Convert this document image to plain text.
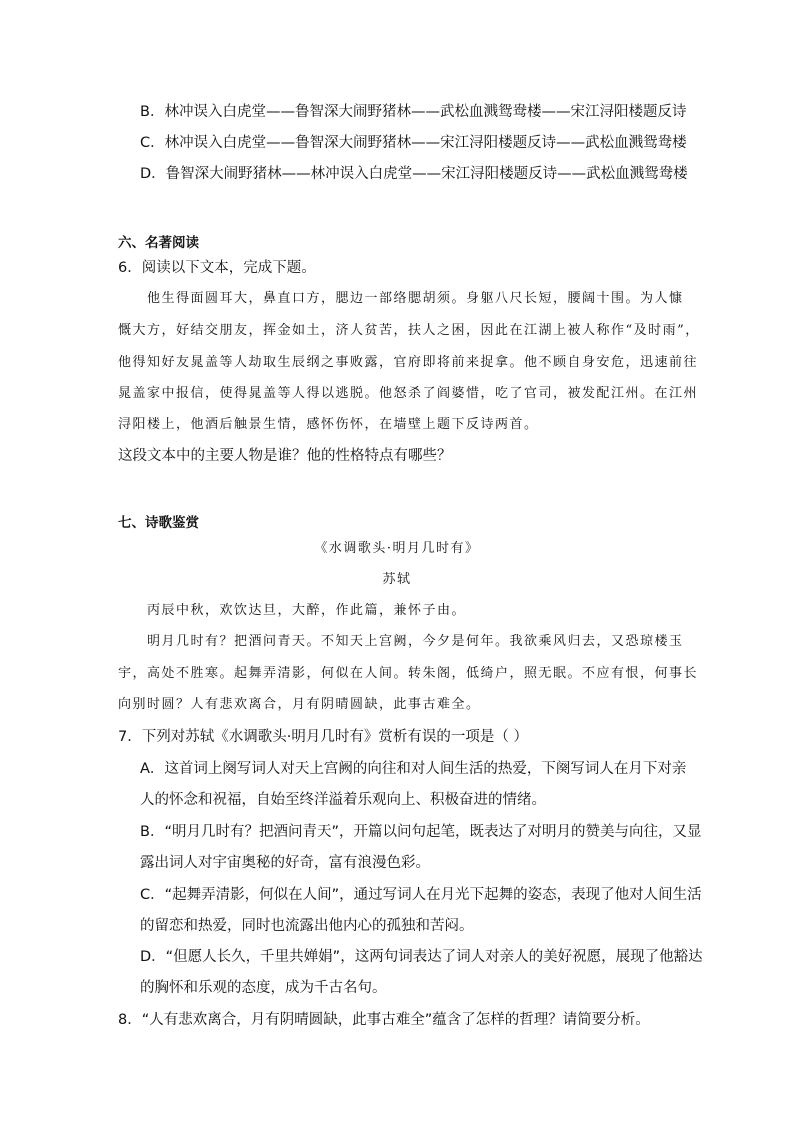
B．林冲误入白虎堂——鲁智深大闹野猪林——武松血溅鸳鸯楼——宋江浔阳楼题反诗
C．林冲误入白虎堂——鲁智深大闹野猪林——宋江浔阳楼题反诗——武松血溅鸳鸯楼
D．鲁智深大闹野猪林——林冲误入白虎堂——宋江浔阳楼题反诗——武松血溅鸳鸯楼
六、名著阅读
6．阅读以下文本，完成下题。
他生得面圆耳大，鼻直口方，腮边一部络腮胡须。身躯八尺长短，腰阔十围。为人慷
慨大方，好结交朋友，挥金如土，济人贫苦，扶人之困，因此在江湖上被人称作“及时雨”，
他得知好友晁盖等人劫取生辰纲之事败露，官府即将前来捉拿。他不顾自身安危，迅速前往
晁盖家中报信，使得晁盖等人得以逃脱。他怒杀了阎婆惜，吃了官司，被发配江州。在江州
浔阳楼上，他酒后触景生情，感怀伤怀，在墙壁上题下反诗两首。
这段文本中的主要人物是谁？他的性格特点有哪些？
七、诗歌鉴赏
《水调歌头·明月几时有》
苏轼
丙辰中秋，欢饮达旦，大醉，作此篇，兼怀子由。
明月几时有？把酒问青天。不知天上宫阙，今夕是何年。我欲乘风归去，又恐琼楼玉
宇，高处不胜寒。起舞弄清影，何似在人间。转朱阁，低绮户，照无眠。不应有恨，何事长
向别时圆？人有悲欢离合，月有阴晴圆缺，此事古难全。
7．下列对苏轼《水调歌头·明月几时有》赏析有误的一项是（ ）
A．这首词上阕写词人对天上宫阙的向往和对人间生活的热爱，下阕写词人在月下对亲
人的怀念和祝福，自始至终洋溢着乐观向上、积极奋进的情绪。
B．“明月几时有？把酒问青天”，开篇以问句起笔，既表达了对明月的赞美与向往，又显
露出词人对宇宙奥秘的好奇，富有浪漫色彩。
C．“起舞弄清影，何似在人间”，通过写词人在月光下起舞的姿态，表现了他对人间生活
的留恋和热爱，同时也流露出他内心的孤独和苦闷。
D．“但愿人长久，千里共婵娟”，这两句词表达了词人对亲人的美好祝愿，展现了他豁达
的胸怀和乐观的态度，成为千古名句。
8．“人有悲欢离合，月有阴晴圆缺，此事古难全”蕴含了怎样的哲理？请简要分析。
